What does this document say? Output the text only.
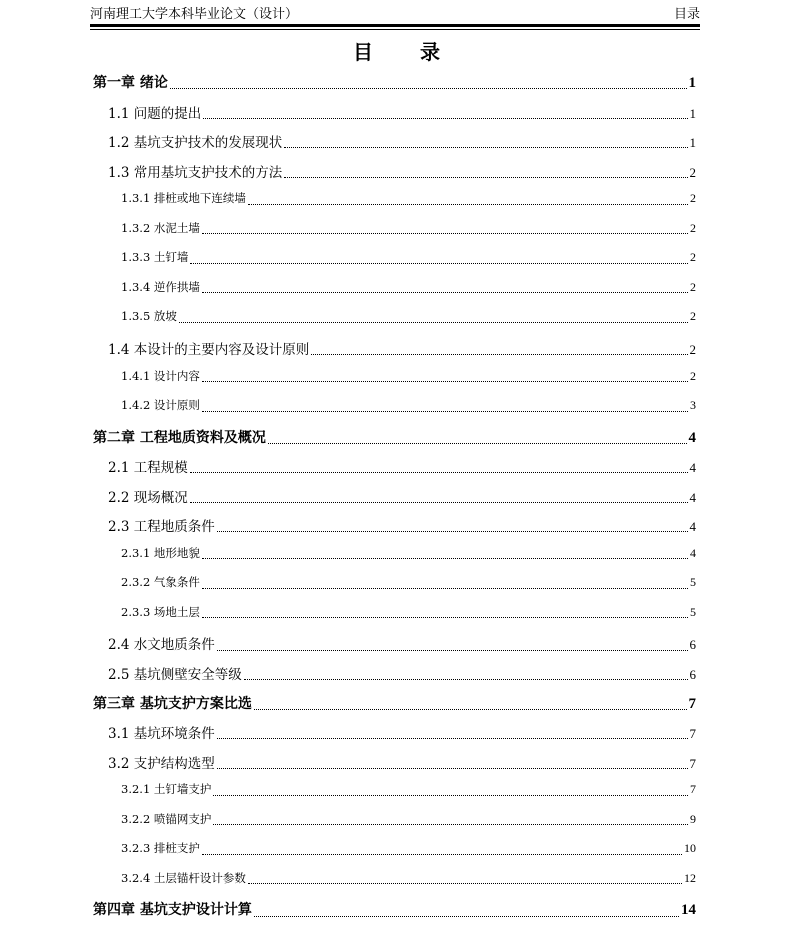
河南理工大学本科毕业论文（设计）	目录
目 录
第一章 绪论	1
1.1 问题的提出	1
1.2 基坑支护技术的发展现状	1
1.3 常用基坑支护技术的方法	2
1.3.1 排桩或地下连续墙	2
1.3.2 水泥土墙	2
1.3.3 土钉墙	2
1.3.4 逆作拱墙	2
1.3.5 放坡	2
1.4 本设计的主要内容及设计原则	2
1.4.1 设计内容	2
1.4.2 设计原则	3
第二章 工程地质资料及概况	4
2.1 工程规模	4
2.2 现场概况	4
2.3 工程地质条件	4
2.3.1 地形地貌	4
2.3.2 气象条件	5
2.3.3 场地土层	5
2.4 水文地质条件	6
2.5 基坑侧壁安全等级	6
第三章 基坑支护方案比选	7
3.1 基坑环境条件	7
3.2 支护结构选型	7
3.2.1 土钉墙支护	7
3.2.2 喷锚网支护	9
3.2.3 排桩支护	10
3.2.4 土层锚杆设计参数	12
第四章 基坑支护设计计算	14
